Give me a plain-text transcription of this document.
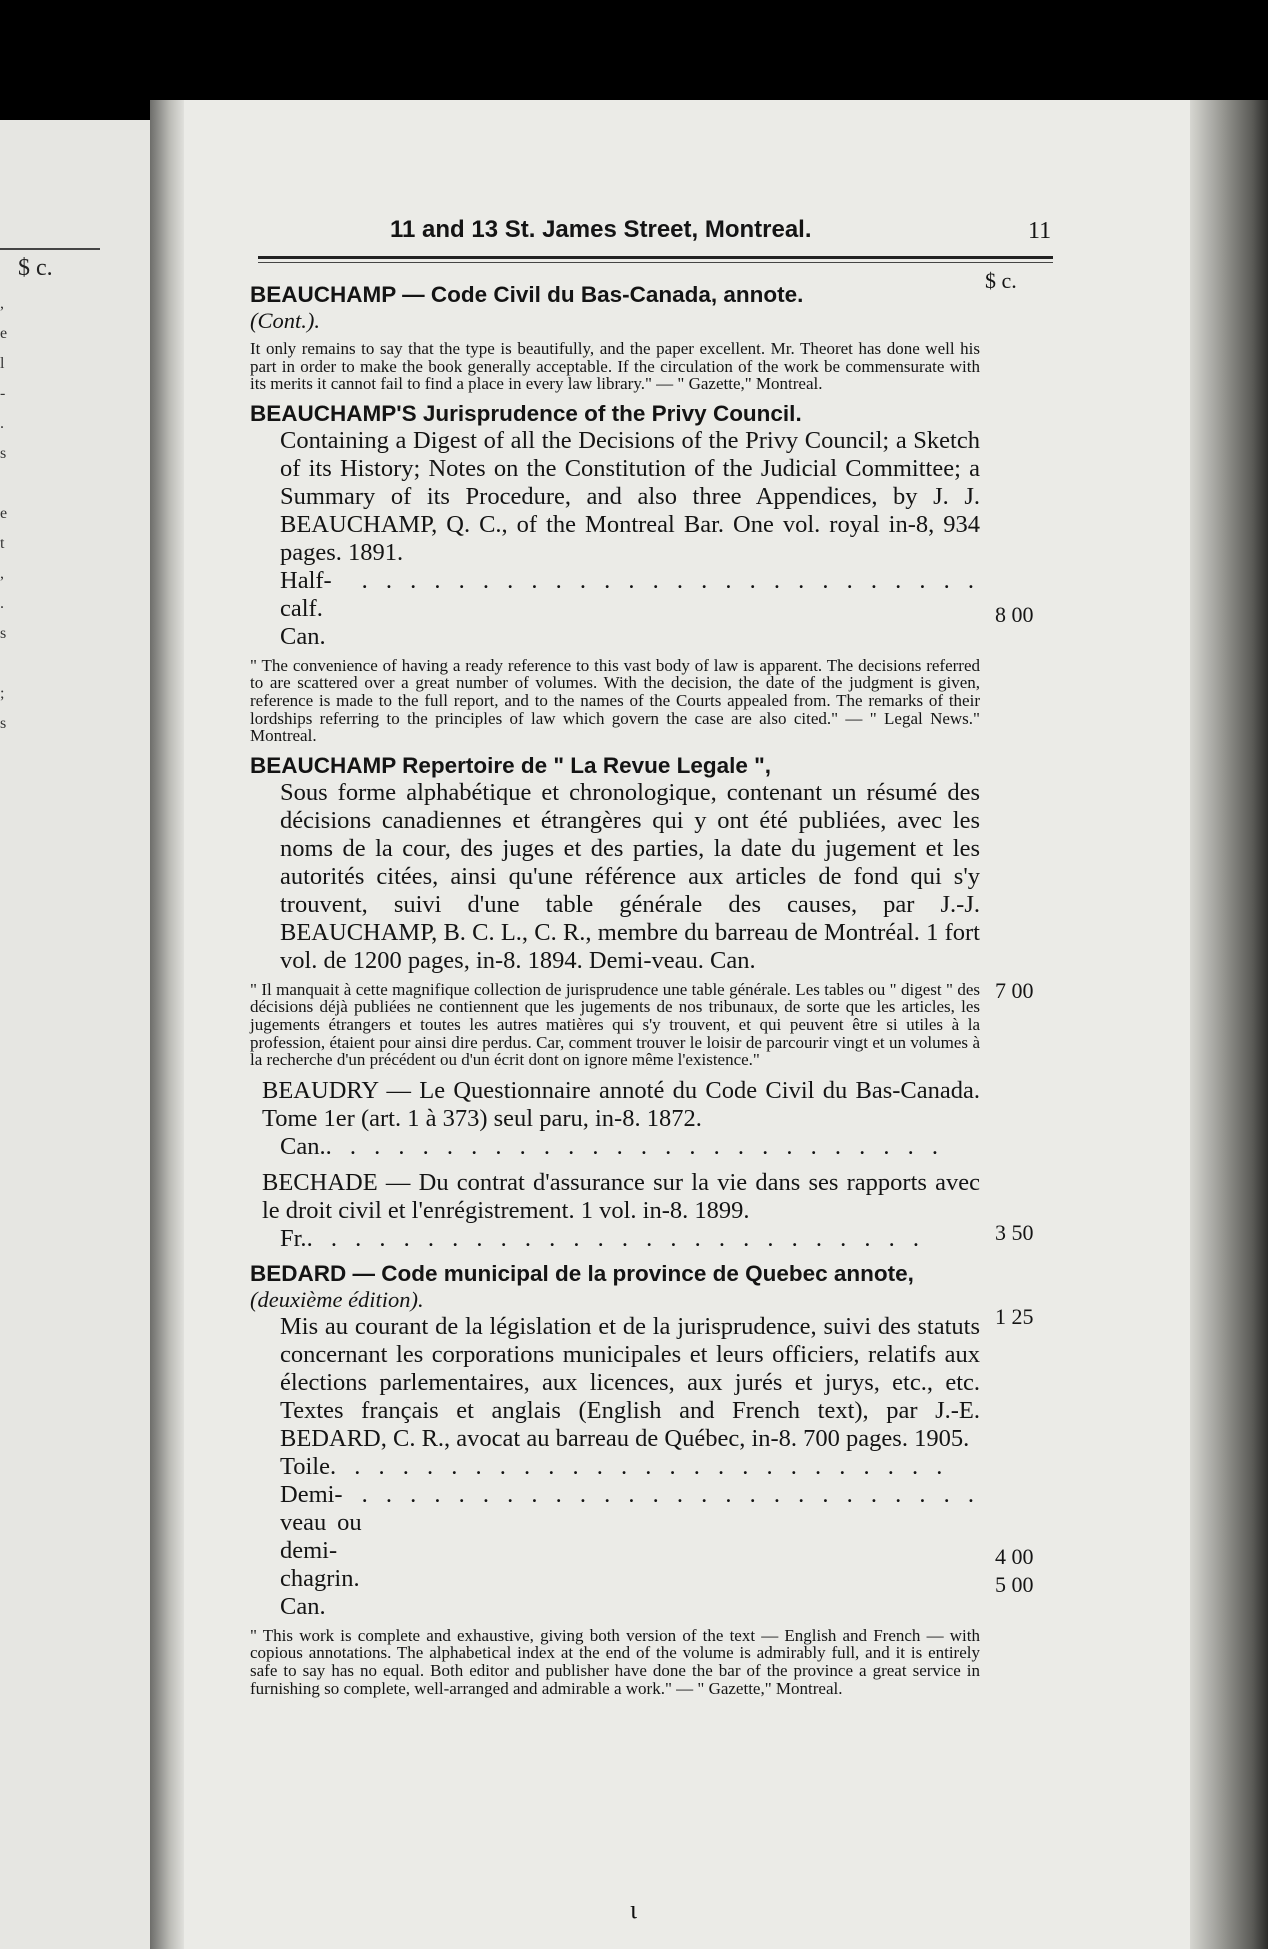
$ c.
,
e
l
-
.
s
e
t
,
.
s
;
s
11 and 13 St. James Street, Montreal.	11
$ c.

BEAUCHAMP — Code Civil du Bas-Canada, annote.
(Cont.).

It only remains to say that the type is beautifully, and the paper excellent. Mr. Theoret has done well his part in order to make the book generally acceptable. If the circulation of the work be commensurate with its merits it cannot fail to find a place in every law library." — " Gazette," Montreal.

BEAUCHAMP'S Jurisprudence of the Privy Council.

Containing a Digest of all the Decisions of the Privy Council; a Sketch of its History; Notes on the Constitution of the Judicial Committee; a Summary of its Procedure, and also three Appendices, by J. J. BEAUCHAMP, Q. C., of the Montreal Bar. One vol. royal in-8, 934 pages. 1891.

Half-calf. Can.
. . . . . . . . . . . . . . . . . . . . . . . . . .

" The convenience of having a ready reference to this vast body of law is apparent. The decisions referred to are scattered over a great number of volumes. With the decision, the date of the judgment is given, reference is made to the full report, and to the names of the Courts appealed from. The remarks of their lordships referring to the principles of law which govern the case are also cited." — " Legal News." Montreal.

BEAUCHAMP Repertoire de " La Revue Legale ",

Sous forme alphabétique et chronologique, contenant un résumé des décisions canadiennes et étrangères qui y ont été publiées, avec les noms de la cour, des juges et des parties, la date du jugement et les autorités citées, ainsi qu'une référence aux articles de fond qui s'y trouvent, suivi d'une table générale des causes, par J.-J. BEAUCHAMP, B. C. L., C. R., membre du barreau de Montréal. 1 fort vol. de 1200 pages, in-8. 1894. Demi-veau. Can.

" Il manquait à cette magnifique collection de jurisprudence une table générale. Les tables ou " digest " des décisions déjà publiées ne contiennent que les jugements de nos tribunaux, de sorte que les articles, les jugements étrangers et toutes les autres matières qui s'y trouvent, et qui peuvent être si utiles à la profession, étaient pour ainsi dire perdus. Car, comment trouver le loisir de parcourir vingt et un volumes à la recherche d'un précédent ou d'un écrit dont on ignore même l'existence."

BEAUDRY — Le Questionnaire annoté du Code Civil du Bas-Canada. Tome 1er (art. 1 à 373) seul paru, in-8. 1872.

Can. . . . . . . . . . . . . . . . . . . . . . . . . . .

BECHADE — Du contrat d'assurance sur la vie dans ses rapports avec le droit civil et l'enrégistrement. 1 vol. in-8. 1899.

Fr. . . . . . . . . . . . . . . . . . . . . . . . . . .

BEDARD — Code municipal de la province de Quebec annote, (deuxième édition).

Mis au courant de la législation et de la jurisprudence, suivi des statuts concernant les corporations municipales et leurs officiers, relatifs aux élections parlementaires, aux licences, aux jurés et jurys, etc., etc. Textes français et anglais (English and French text), par J.-E. BEDARD, C. R., avocat au barreau de Québec, in-8. 700 pages. 1905.

Toile . . . . . . . . . . . . . . . . . . . . . . . . . .
Demi-veau ou demi-chagrin. Can.
. . . . . . . . . . . . . . . . . . . . . . . . . .

" This work is complete and exhaustive, giving both version of the text — English and French — with copious annotations. The alphabetical index at the end of the volume is admirably full, and it is entirely safe to say has no equal. Both editor and publisher have done the bar of the province a great service in furnishing so complete, well-arranged and admirable a work." — " Gazette," Montreal.

8 00
7 00
3 50
1 25
4 00
5 00
ι
